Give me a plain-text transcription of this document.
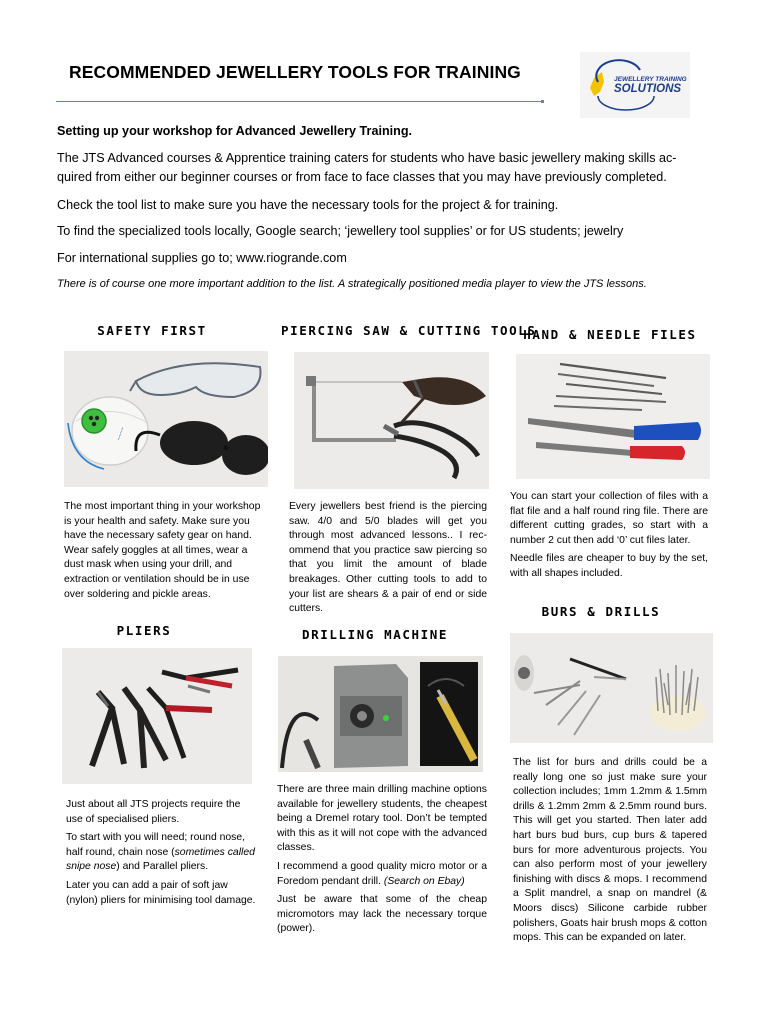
RECOMMENDED JEWELLERY TOOLS FOR TRAINING	JEWELLERY TRAINING
SOLUTIONS

Setting up your workshop for Advanced Jewellery Training.

The JTS Advanced courses & Apprentice training caters for students who have basic jewellery making skills acquired from either our beginner courses or from face to face classes that you may have previously completed.

Check the tool list to make sure you have the necessary tools for the project & for training.

To find the specialized tools locally, Google search; ‘jewellery tool supplies’ or for US students; jewelry

For international supplies go to; www.riogrande.com

There is of course one more important addition to the list. A strategically positioned media player to view the JTS lessons.

SAFETY FIRST
~~~~

The most important thing in your workshop is your health and safety. Make sure you have the necessary safety gear on hand. Wear safely goggles at all times, wear a dust mask when using your drill, and extraction or ventilation should be in use over soldering and pickle areas.

PIERCING SAW & CUTTING TOOLS

Every jewellers best friend is the piercing saw. 4/0 and 5/0 blades will get you through most advanced lessons.. I recommend that you practice saw piercing so that you limit the amount of blade breakages. Other cutting tools to add to your list are shears & a pair of end or side cutters.

HAND & NEEDLE FILES

You can start your collection of files with a flat file and a half round ring file. There are different cutting grades, so start with a number 2 cut then add ‘0’ cut files later.

Needle files are cheaper to buy by the set, with all shapes included.

PLIERS

Just about all JTS projects require the use of specialised pliers.

To start with you will need; round nose, half round, chain nose (sometimes called snipe nose) and Parallel pliers.

Later you can add a pair of soft jaw (nylon) pliers for minimising tool damage.

DRILLING MACHINE

There are three main drilling machine options available for jewellery students, the cheapest being a Dremel rotary tool. Don’t be tempted with this as it will not cope with the advanced classes.

I recommend a good quality micro motor or a Foredom pendant drill. (Search on Ebay)

Just be aware that some of the cheap micromotors may lack the necessary torque (power).

BURS & DRILLS

The list for burs and drills could be a really long one so just make sure your collection includes; 1mm 1.2mm & 1.5mm drills & 1.2mm 2mm & 2.5mm round burs. This will get you started. Then later add hart burs bud burs, cup burs & tapered burs for more adventurous projects. You can also perform most of your jewellery finishing with discs & mops. I recommend a Split mandrel, a snap on mandrel (& Moors discs) Silicone carbide rubber polishers, Goats hair brush mops & cotton mops. This can be expanded on later.
